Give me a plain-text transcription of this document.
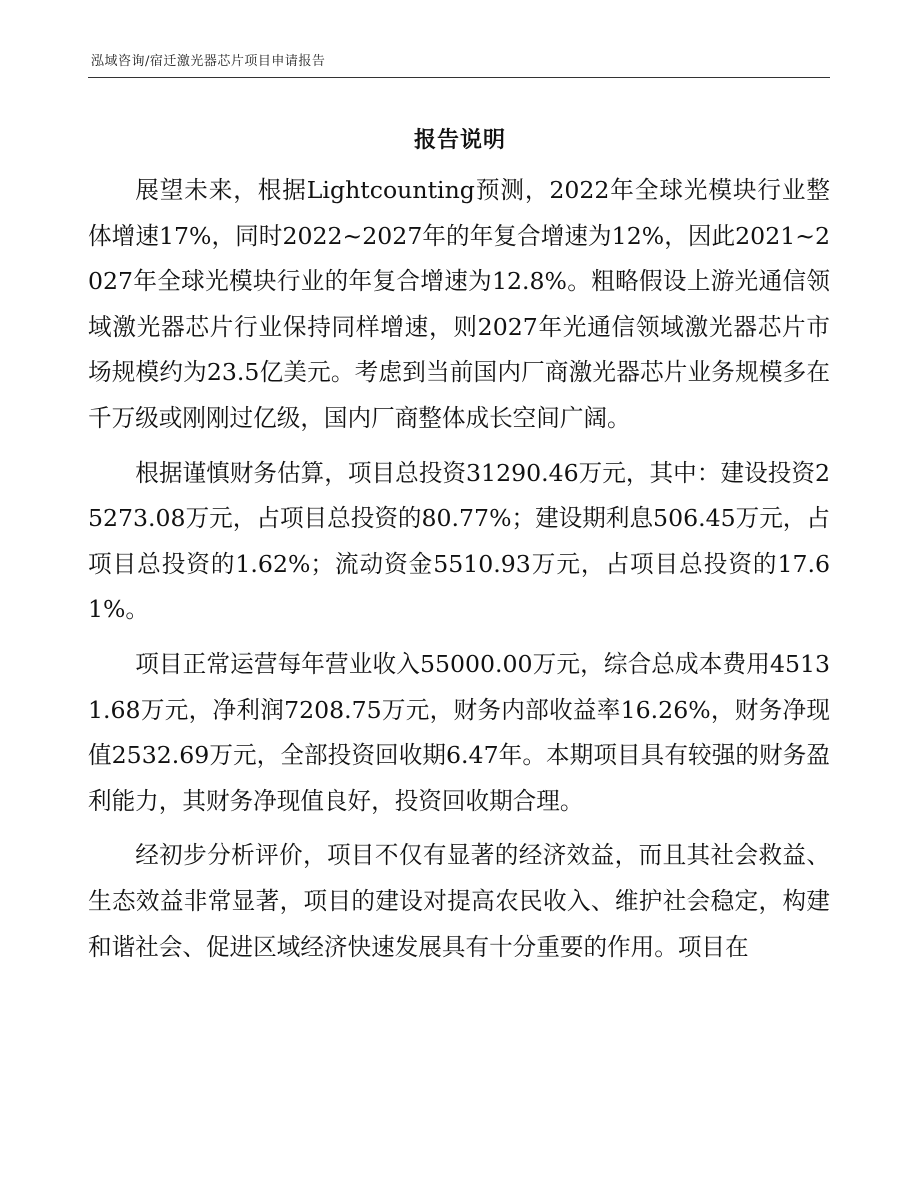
泓域咨询/宿迁激光器芯片项目申请报告
报告说明

展望未来，根据Lightcounting预测，2022年全球光模块行业整体增速17%，同时2022~2027年的年复合增速为12%，因此2021~2027年全球光模块行业的年复合增速为12.8%。粗略假设上游光通信领域激光器芯片行业保持同样增速，则2027年光通信领域激光器芯片市场规模约为23.5亿美元。考虑到当前国内厂商激光器芯片业务规模多在千万级或刚刚过亿级，国内厂商整体成长空间广阔。

根据谨慎财务估算，项目总投资31290.46万元，其中：建设投资25273.08万元，占项目总投资的80.77%；建设期利息506.45万元，占项目总投资的1.62%；流动资金5510.93万元，占项目总投资的17.61%。

项目正常运营每年营业收入55000.00万元，综合总成本费用45131.68万元，净利润7208.75万元，财务内部收益率16.26%，财务净现值2532.69万元，全部投资回收期6.47年。本期项目具有较强的财务盈利能力，其财务净现值良好，投资回收期合理。

经初步分析评价，项目不仅有显著的经济效益，而且其社会救益、生态效益非常显著，项目的建设对提高农民收入、维护社会稳定，构建和谐社会、促进区域经济快速发展具有十分重要的作用。项目在
